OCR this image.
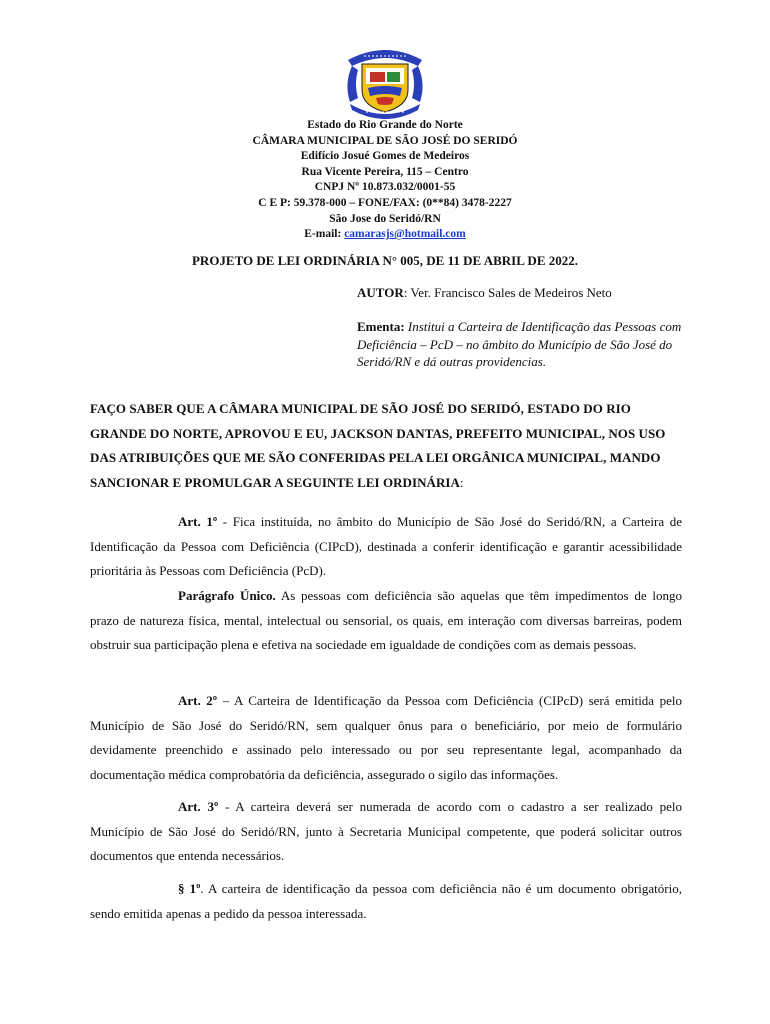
Estado do Rio Grande do Norte
CÂMARA MUNICIPAL DE SÃO JOSÉ DO SERIDÓ
Edifício Josué Gomes de Medeiros
Rua Vicente Pereira, 115 – Centro
CNPJ Nº 10.873.032/0001-55
C E P: 59.378-000 – FONE/FAX: (0**84) 3478-2227
São Jose do Seridó/RN
E-mail: camarasjs@hotmail.com
PROJETO DE LEI ORDINÁRIA N° 005, DE 11 DE ABRIL DE 2022.
AUTOR: Ver. Francisco Sales de Medeiros Neto
Ementa: Institui a Carteira de Identificação das Pessoas com Deficiência – PcD – no âmbito do Município de São José do Seridó/RN e dá outras providencias.
FAÇO SABER QUE A CÂMARA MUNICIPAL DE SÃO JOSÉ DO SERIDÓ, ESTADO DO RIO GRANDE DO NORTE, APROVOU E EU, JACKSON DANTAS, PREFEITO MUNICIPAL, NOS USO DAS ATRIBUIÇÕES QUE ME SÃO CONFERIDAS PELA LEI ORGÂNICA MUNICIPAL, MANDO SANCIONAR E PROMULGAR A SEGUINTE LEI ORDINÁRIA:

Art. 1º - Fica instituída, no âmbito do Município de São José do Seridó/RN, a Carteira de Identificação da Pessoa com Deficiência (CIPcD), destinada a conferir identificação e garantir acessibilidade prioritária às Pessoas com Deficiência (PcD).

Parágrafo Único. As pessoas com deficiência são aquelas que têm impedimentos de longo prazo de natureza física, mental, intelectual ou sensorial, os quais, em interação com diversas barreiras, podem obstruir sua participação plena e efetiva na sociedade em igualdade de condições com as demais pessoas.

Art. 2º – A Carteira de Identificação da Pessoa com Deficiência (CIPcD) será emitida pelo Município de São José do Seridó/RN, sem qualquer ônus para o beneficiário, por meio de formulário devidamente preenchido e assinado pelo interessado ou por seu representante legal, acompanhado da documentação médica comprobatória da deficiência, assegurado o sigilo das informações.

Art. 3º - A carteira deverá ser numerada de acordo com o cadastro a ser realizado pelo Município de São José do Seridó/RN, junto à Secretaria Municipal competente, que poderá solicitar outros documentos que entenda necessários.

§ 1º. A carteira de identificação da pessoa com deficiência não é um documento obrigatório, sendo emitida apenas a pedido da pessoa interessada.
